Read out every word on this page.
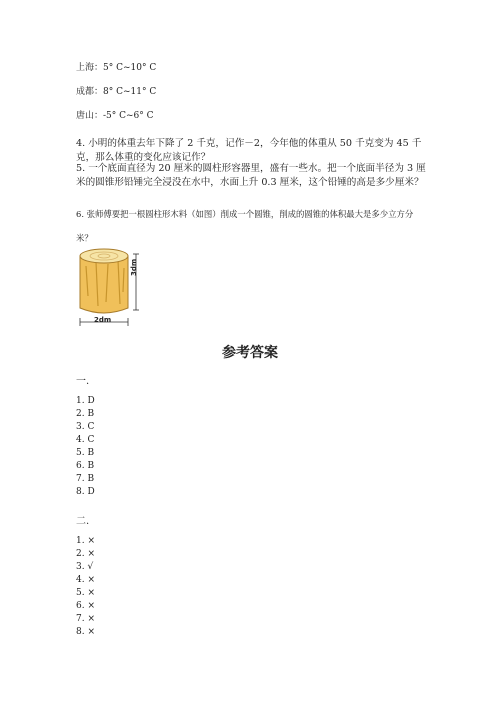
上海：5° C~10° C
成都：8° C~11° C
唐山：-5° C~6° C
4. 小明的体重去年下降了 2 千克，记作－2，今年他的体重从 50 千克变为 45 千克，那么体重的变化应该记作？
5. 一个底面直径为 20 厘米的圆柱形容器里，盛有一些水。把一个底面半径为 3 厘米的圆锥形铅锤完全浸没在水中，水面上升 0.3 厘米，这个铅锤的高是多少厘米？
6. 张师傅要把一根圆柱形木料（如图）削成一个圆锥，削成的圆锥的体积最大是多少立方分米？
3dm
2dm
参考答案
一.
1. D
2. B
3. C
4. C
5. B
6. B
7. B
8. D
二.
1. ×
2. ×
3. √
4. ×
5. ×
6. ×
7. ×
8. ×
